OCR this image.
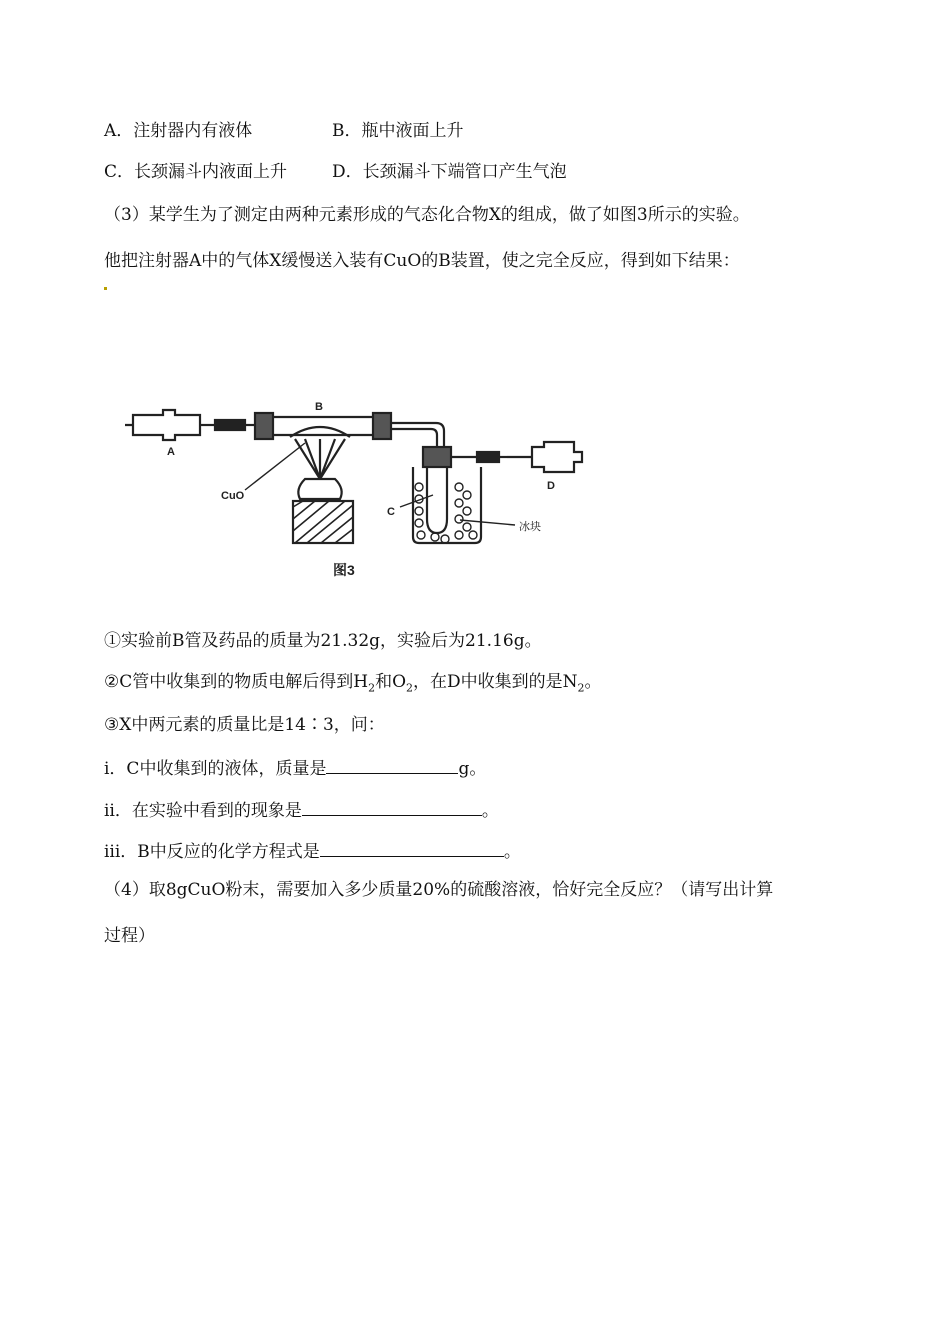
A．注射器内有液体	B．瓶中液面上升
C．长颈漏斗内液面上升	D．长颈漏斗下端管口产生气泡
（3）某学生为了测定由两种元素形成的气态化合物X的组成，做了如图3所示的实验。
他把注射器A中的气体X缓慢送入装有CuO的B装置，使之完全反应，得到如下结果：
A
B
C
D
CuO
冰块
图3
①实验前B管及药品的质量为21.32g，实验后为21.16g。
②C管中收集到的物质电解后得到$H_2$和$O_2$，在D中收集到的是$N_2$。
③X中两元素的质量比是14∶3，问：
ⅰ．C中收集到的液体，质量是	g。
ⅱ．在实验中看到的现象是	。
ⅲ．B中反应的化学方程式是	。
（4）取8gCuO粉末，需要加入多少质量20%的硫酸溶液，恰好完全反应？（请写出计算
过程）
